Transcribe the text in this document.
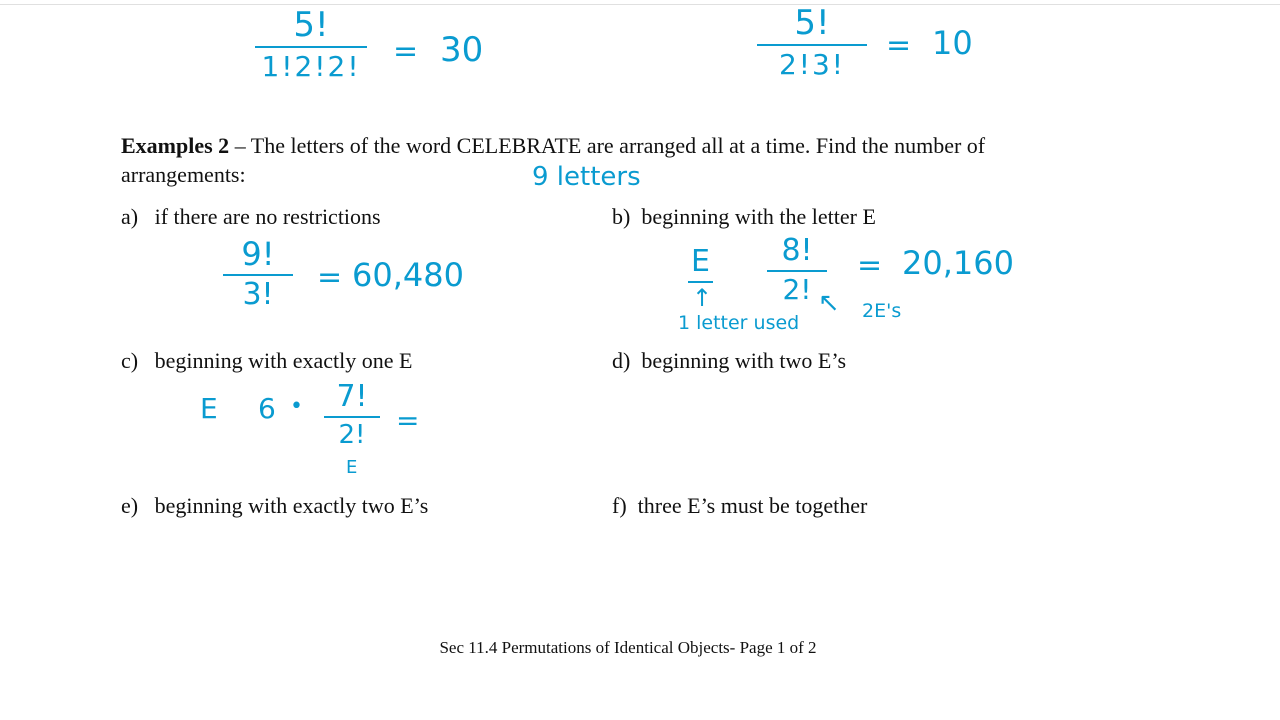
5!
1!2!2! = 30
5!
2!3!
= 10
Examples 2 – The letters of the word CELEBRATE are arranged all at a time. Find the number of
arrangements:	9 letters
a) if there are no restrictions
9!
3!	= 60,480
b) beginning with the letter E
E
↑
1 letter used
8!
2! ↖ 2E's
= 20,160
c) beginning with exactly one E
E 6 •	7!
2!
E
=
d) beginning with two E’s
e) beginning with exactly two E’s	f) three E’s must be together
Sec 11.4 Permutations of Identical Objects- Page 1 of 2
